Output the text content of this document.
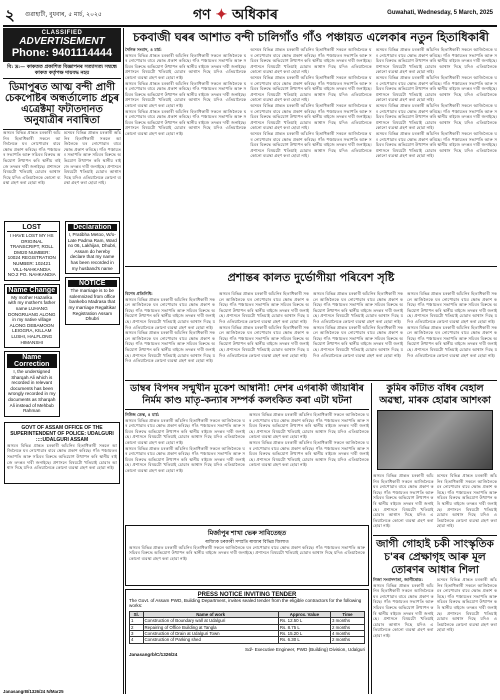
২ গুৱাহাটী, বুধবাৰ, ৫ মাৰ্চ, ২০২৫	গণ ✦ অধিকাৰ	Guwahati, Wednesday, 5 March, 2025
CLASSIFIED
ADVERTISEMENT
Phone: 9401114444
বি: দ্ৰ:— কাকতত প্ৰকাশিত বিজ্ঞাপনৰ সত্যাসত্য সম্বন্ধে কাকত কৰ্তৃপক্ষ দায়বদ্ধ নহয়
ডিমাপুৰত আত্ম বন্দী প্ৰাণী চেকপোষ্টৰ অন্ধৰ্তালোচ প্ৰচুৰ এত্ৰেক্টমা ফটাতদানত অনুযাত্ৰীৰ নবান্বিতা
অসমৰ বিভিন্ন প্ৰান্তত চৰকাৰী আঁচনিৰ হিতাধিকাৰী সকলে আজিলৈকে ঘৰ নোপোৱাৰ বাবে ক্ষোভ প্ৰকাশ কৰিছে। গাঁও পঞ্চায়তৰ সভাপতি আৰু সচিবৰ বিৰুদ্ধে অভিযোগ উত্থাপন কৰি স্থানীয় ৰাইজে তদন্তৰ দাবী জনাইছে। প্ৰশাসনে বিষয়টো খতিয়াই চোৱাৰ আশ্বাস দিছে যদিও এতিয়ালৈকে কোনো ব্যৱস্থা গ্ৰহণ কৰা হোৱা নাই।
LOST
I HAVE LOST MY HS ORIGINAL TRANSCRIPT, ROLL DMI20 NUMBER: 10024 REGISTRATION NUMBER: 102421 VILL-NAHKANDIA NO.2 PO. NAHKANDIA
Name Change
My mother Hazarika with my mother's father name LUHANG DONGRUANG ALONG in my native village ALONG DEBAMOON LEIGGRA, KILLAM LUSHI, HALFLONG HIMANSHI
Name Correction
I, the undersigned Sharqah Ali which is recorded in relevant documents has been wrongly recorded in my documents as Sharqah Ali instead of Mehbub Rahman
অসমৰ বিভিন্ন প্ৰান্তত চৰকাৰী আঁচনিৰ হিতাধিকাৰী সকলে আজিলৈকে ঘৰ নোপোৱাৰ বাবে ক্ষোভ প্ৰকাশ কৰিছে। গাঁও পঞ্চায়তৰ সভাপতি আৰু সচিবৰ বিৰুদ্ধে অভিযোগ উত্থাপন কৰি স্থানীয় ৰাইজে তদন্তৰ দাবী জনাইছে। প্ৰশাসনে বিষয়টো খতিয়াই চোৱাৰ আশ্বাস দিছে যদিও এতিয়ালৈকে কোনো ব্যৱস্থা গ্ৰহণ কৰা হোৱা নাই।
Declaration
I, Pratibha Metoo, W/o- Late Padma Ram, Ward no 06, Lakhijan, Dhubri, Assam do hereby declare that my name has been recorded in my husband's name
NOTICE
The marriage is to be solemnized from office bankebo Madrasa that my marriage Regaltikar Registration Assam Dhubri
GOVT OF ASSAM OFFICE OF THE SUPERINTENDENT OF POLICE: UDALGURI ::::UDALGURI ASSAM
অসমৰ বিভিন্ন প্ৰান্তত চৰকাৰী আঁচনিৰ হিতাধিকাৰী সকলে আজিলৈকে ঘৰ নোপোৱাৰ বাবে ক্ষোভ প্ৰকাশ কৰিছে। গাঁও পঞ্চায়তৰ সভাপতি আৰু সচিবৰ বিৰুদ্ধে অভিযোগ উত্থাপন কৰি স্থানীয় ৰাইজে তদন্তৰ দাবী জনাইছে। প্ৰশাসনে বিষয়টো খতিয়াই চোৱাৰ আশ্বাস দিছে যদিও এতিয়ালৈকে কোনো ব্যৱস্থা গ্ৰহণ কৰা হোৱা নাই।
JanasangrB/1326/24 N/Mar25
চকবাজী ঘৰৰ আশাত বন্দী চালিগাঁও গাঁও পঞ্চায়ত এলেকাৰ নতুন হিতাধিকাৰী
দৈনিক সংবাদ, ৪ মাৰ্চ:
অসমৰ বিভিন্ন প্ৰান্তত চৰকাৰী আঁচনিৰ হিতাধিকাৰী সকলে আজিলৈকে ঘৰ নোপোৱাৰ বাবে ক্ষোভ প্ৰকাশ কৰিছে। গাঁও পঞ্চায়তৰ সভাপতি আৰু সচিবৰ বিৰুদ্ধে অভিযোগ উত্থাপন কৰি স্থানীয় ৰাইজে তদন্তৰ দাবী জনাইছে। প্ৰশাসনে বিষয়টো খতিয়াই চোৱাৰ আশ্বাস দিছে যদিও এতিয়ালৈকে কোনো ব্যৱস্থা গ্ৰহণ কৰা হোৱা নাই।
অসমৰ বিভিন্ন প্ৰান্তত চৰকাৰী আঁচনিৰ হিতাধিকাৰী সকলে আজিলৈকে ঘৰ নোপোৱাৰ বাবে ক্ষোভ প্ৰকাশ কৰিছে। গাঁও পঞ্চায়তৰ সভাপতি আৰু সচিবৰ বিৰুদ্ধে অভিযোগ উত্থাপন কৰি স্থানীয় ৰাইজে তদন্তৰ দাবী জনাইছে। প্ৰশাসনে বিষয়টো খতিয়াই চোৱাৰ আশ্বাস দিছে যদিও এতিয়ালৈকে কোনো ব্যৱস্থা গ্ৰহণ কৰা হোৱা নাই।
অসমৰ বিভিন্ন প্ৰান্তত চৰকাৰী আঁচনিৰ হিতাধিকাৰী সকলে আজিলৈকে ঘৰ নোপোৱাৰ বাবে ক্ষোভ প্ৰকাশ কৰিছে। গাঁও পঞ্চায়তৰ সভাপতি আৰু সচিবৰ বিৰুদ্ধে অভিযোগ উত্থাপন কৰি স্থানীয় ৰাইজে তদন্তৰ দাবী জনাইছে। প্ৰশাসনে বিষয়টো খতিয়াই চোৱাৰ আশ্বাস দিছে যদিও এতিয়ালৈকে কোনো ব্যৱস্থা গ্ৰহণ কৰা হোৱা নাই।
অসমৰ বিভিন্ন প্ৰান্তত চৰকাৰী আঁচনিৰ হিতাধিকাৰী সকলে আজিলৈকে ঘৰ নোপোৱাৰ বাবে ক্ষোভ প্ৰকাশ কৰিছে। গাঁও পঞ্চায়তৰ সভাপতি আৰু সচিবৰ বিৰুদ্ধে অভিযোগ উত্থাপন কৰি স্থানীয় ৰাইজে তদন্তৰ দাবী জনাইছে। প্ৰশাসনে বিষয়টো খতিয়াই চোৱাৰ আশ্বাস দিছে যদিও এতিয়ালৈকে কোনো ব্যৱস্থা গ্ৰহণ কৰা হোৱা নাই।
অসমৰ বিভিন্ন প্ৰান্তত চৰকাৰী আঁচনিৰ হিতাধিকাৰী সকলে আজিলৈকে ঘৰ নোপোৱাৰ বাবে ক্ষোভ প্ৰকাশ কৰিছে। গাঁও পঞ্চায়তৰ সভাপতি আৰু সচিবৰ বিৰুদ্ধে অভিযোগ উত্থাপন কৰি স্থানীয় ৰাইজে তদন্তৰ দাবী জনাইছে। প্ৰশাসনে বিষয়টো খতিয়াই চোৱাৰ আশ্বাস দিছে যদিও এতিয়ালৈকে কোনো ব্যৱস্থা গ্ৰহণ কৰা হোৱা নাই।
অসমৰ বিভিন্ন প্ৰান্তত চৰকাৰী আঁচনিৰ হিতাধিকাৰী সকলে আজিলৈকে ঘৰ নোপোৱাৰ বাবে ক্ষোভ প্ৰকাশ কৰিছে। গাঁও পঞ্চায়তৰ সভাপতি আৰু সচিবৰ বিৰুদ্ধে অভিযোগ উত্থাপন কৰি স্থানীয় ৰাইজে তদন্তৰ দাবী জনাইছে। প্ৰশাসনে বিষয়টো খতিয়াই চোৱাৰ আশ্বাস দিছে যদিও এতিয়ালৈকে কোনো ব্যৱস্থা গ্ৰহণ কৰা হোৱা নাই।
অসমৰ বিভিন্ন প্ৰান্তত চৰকাৰী আঁচনিৰ হিতাধিকাৰী সকলে আজিলৈকে ঘৰ নোপোৱাৰ বাবে ক্ষোভ প্ৰকাশ কৰিছে। গাঁও পঞ্চায়তৰ সভাপতি আৰু সচিবৰ বিৰুদ্ধে অভিযোগ উত্থাপন কৰি স্থানীয় ৰাইজে তদন্তৰ দাবী জনাইছে। প্ৰশাসনে বিষয়টো খতিয়াই চোৱাৰ আশ্বাস দিছে যদিও এতিয়ালৈকে কোনো ব্যৱস্থা গ্ৰহণ কৰা হোৱা নাই।
অসমৰ বিভিন্ন প্ৰান্তত চৰকাৰী আঁচনিৰ হিতাধিকাৰী সকলে আজিলৈকে ঘৰ নোপোৱাৰ বাবে ক্ষোভ প্ৰকাশ কৰিছে। গাঁও পঞ্চায়তৰ সভাপতি আৰু সচিবৰ বিৰুদ্ধে অভিযোগ উত্থাপন কৰি স্থানীয় ৰাইজে তদন্তৰ দাবী জনাইছে। প্ৰশাসনে বিষয়টো খতিয়াই চোৱাৰ আশ্বাস দিছে যদিও এতিয়ালৈকে কোনো ব্যৱস্থা গ্ৰহণ কৰা হোৱা নাই।
অসমৰ বিভিন্ন প্ৰান্তত চৰকাৰী আঁচনিৰ হিতাধিকাৰী সকলে আজিলৈকে ঘৰ নোপোৱাৰ বাবে ক্ষোভ প্ৰকাশ কৰিছে। গাঁও পঞ্চায়তৰ সভাপতি আৰু সচিবৰ বিৰুদ্ধে অভিযোগ উত্থাপন কৰি স্থানীয় ৰাইজে তদন্তৰ দাবী জনাইছে। প্ৰশাসনে বিষয়টো খতিয়াই চোৱাৰ আশ্বাস দিছে যদিও এতিয়ালৈকে কোনো ব্যৱস্থা গ্ৰহণ কৰা হোৱা নাই।
অসমৰ বিভিন্ন প্ৰান্তত চৰকাৰী আঁচনিৰ হিতাধিকাৰী সকলে আজিলৈকে ঘৰ নোপোৱাৰ বাবে ক্ষোভ প্ৰকাশ কৰিছে। গাঁও পঞ্চায়তৰ সভাপতি আৰু সচিবৰ বিৰুদ্ধে অভিযোগ উত্থাপন কৰি স্থানীয় ৰাইজে তদন্তৰ দাবী জনাইছে। প্ৰশাসনে বিষয়টো খতিয়াই চোৱাৰ আশ্বাস দিছে যদিও এতিয়ালৈকে কোনো ব্যৱস্থা গ্ৰহণ কৰা হোৱা নাই।
অসমৰ বিভিন্ন প্ৰান্তত চৰকাৰী আঁচনিৰ হিতাধিকাৰী সকলে আজিলৈকে ঘৰ নোপোৱাৰ বাবে ক্ষোভ প্ৰকাশ কৰিছে। গাঁও পঞ্চায়তৰ সভাপতি আৰু সচিবৰ বিৰুদ্ধে অভিযোগ উত্থাপন কৰি স্থানীয় ৰাইজে তদন্তৰ দাবী জনাইছে। প্ৰশাসনে বিষয়টো খতিয়াই চোৱাৰ আশ্বাস দিছে যদিও এতিয়ালৈকে কোনো ব্যৱস্থা গ্ৰহণ কৰা হোৱা নাই।
প্ৰশান্তৰ কালত দুৰ্ভোগীয়া পৰিবেশ সৃষ্টি
বিশেষ প্ৰতিনিধি:
অসমৰ বিভিন্ন প্ৰান্তত চৰকাৰী আঁচনিৰ হিতাধিকাৰী সকলে আজিলৈকে ঘৰ নোপোৱাৰ বাবে ক্ষোভ প্ৰকাশ কৰিছে। গাঁও পঞ্চায়তৰ সভাপতি আৰু সচিবৰ বিৰুদ্ধে অভিযোগ উত্থাপন কৰি স্থানীয় ৰাইজে তদন্তৰ দাবী জনাইছে। প্ৰশাসনে বিষয়টো খতিয়াই চোৱাৰ আশ্বাস দিছে যদিও এতিয়ালৈকে কোনো ব্যৱস্থা গ্ৰহণ কৰা হোৱা নাই।
অসমৰ বিভিন্ন প্ৰান্তত চৰকাৰী আঁচনিৰ হিতাধিকাৰী সকলে আজিলৈকে ঘৰ নোপোৱাৰ বাবে ক্ষোভ প্ৰকাশ কৰিছে। গাঁও পঞ্চায়তৰ সভাপতি আৰু সচিবৰ বিৰুদ্ধে অভিযোগ উত্থাপন কৰি স্থানীয় ৰাইজে তদন্তৰ দাবী জনাইছে। প্ৰশাসনে বিষয়টো খতিয়াই চোৱাৰ আশ্বাস দিছে যদিও এতিয়ালৈকে কোনো ব্যৱস্থা গ্ৰহণ কৰা হোৱা নাই।
অসমৰ বিভিন্ন প্ৰান্তত চৰকাৰী আঁচনিৰ হিতাধিকাৰী সকলে আজিলৈকে ঘৰ নোপোৱাৰ বাবে ক্ষোভ প্ৰকাশ কৰিছে। গাঁও পঞ্চায়তৰ সভাপতি আৰু সচিবৰ বিৰুদ্ধে অভিযোগ উত্থাপন কৰি স্থানীয় ৰাইজে তদন্তৰ দাবী জনাইছে। প্ৰশাসনে বিষয়টো খতিয়াই চোৱাৰ আশ্বাস দিছে যদিও এতিয়ালৈকে কোনো ব্যৱস্থা গ্ৰহণ কৰা হোৱা নাই।
অসমৰ বিভিন্ন প্ৰান্তত চৰকাৰী আঁচনিৰ হিতাধিকাৰী সকলে আজিলৈকে ঘৰ নোপোৱাৰ বাবে ক্ষোভ প্ৰকাশ কৰিছে। গাঁও পঞ্চায়তৰ সভাপতি আৰু সচিবৰ বিৰুদ্ধে অভিযোগ উত্থাপন কৰি স্থানীয় ৰাইজে তদন্তৰ দাবী জনাইছে। প্ৰশাসনে বিষয়টো খতিয়াই চোৱাৰ আশ্বাস দিছে যদিও এতিয়ালৈকে কোনো ব্যৱস্থা গ্ৰহণ কৰা হোৱা নাই।
অসমৰ বিভিন্ন প্ৰান্তত চৰকাৰী আঁচনিৰ হিতাধিকাৰী সকলে আজিলৈকে ঘৰ নোপোৱাৰ বাবে ক্ষোভ প্ৰকাশ কৰিছে। গাঁও পঞ্চায়তৰ সভাপতি আৰু সচিবৰ বিৰুদ্ধে অভিযোগ উত্থাপন কৰি স্থানীয় ৰাইজে তদন্তৰ দাবী জনাইছে। প্ৰশাসনে বিষয়টো খতিয়াই চোৱাৰ আশ্বাস দিছে যদিও এতিয়ালৈকে কোনো ব্যৱস্থা গ্ৰহণ কৰা হোৱা নাই।
অসমৰ বিভিন্ন প্ৰান্তত চৰকাৰী আঁচনিৰ হিতাধিকাৰী সকলে আজিলৈকে ঘৰ নোপোৱাৰ বাবে ক্ষোভ প্ৰকাশ কৰিছে। গাঁও পঞ্চায়তৰ সভাপতি আৰু সচিবৰ বিৰুদ্ধে অভিযোগ উত্থাপন কৰি স্থানীয় ৰাইজে তদন্তৰ দাবী জনাইছে। প্ৰশাসনে বিষয়টো খতিয়াই চোৱাৰ আশ্বাস দিছে যদিও এতিয়ালৈকে কোনো ব্যৱস্থা গ্ৰহণ কৰা হোৱা নাই।
অসমৰ বিভিন্ন প্ৰান্তত চৰকাৰী আঁচনিৰ হিতাধিকাৰী সকলে আজিলৈকে ঘৰ নোপোৱাৰ বাবে ক্ষোভ প্ৰকাশ কৰিছে। গাঁও পঞ্চায়তৰ সভাপতি আৰু সচিবৰ বিৰুদ্ধে অভিযোগ উত্থাপন কৰি স্থানীয় ৰাইজে তদন্তৰ দাবী জনাইছে। প্ৰশাসনে বিষয়টো খতিয়াই চোৱাৰ আশ্বাস দিছে যদিও এতিয়ালৈকে কোনো ব্যৱস্থা গ্ৰহণ কৰা হোৱা নাই।
অসমৰ বিভিন্ন প্ৰান্তত চৰকাৰী আঁচনিৰ হিতাধিকাৰী সকলে আজিলৈকে ঘৰ নোপোৱাৰ বাবে ক্ষোভ প্ৰকাশ কৰিছে। গাঁও পঞ্চায়তৰ সভাপতি আৰু সচিবৰ বিৰুদ্ধে অভিযোগ উত্থাপন কৰি স্থানীয় ৰাইজে তদন্তৰ দাবী জনাইছে। প্ৰশাসনে বিষয়টো খতিয়াই চোৱাৰ আশ্বাস দিছে যদিও এতিয়ালৈকে কোনো ব্যৱস্থা গ্ৰহণ কৰা হোৱা নাই।
ডাম্বৰ বিপদৰ সন্মুখীন মুকেশ আম্বানী! দেশৰ এগৰাকী জীয়াৰীৰ নিৰ্মম কাণ্ড মাতৃ-কন্যাৰ সম্পৰ্ক কলংকিত কৰা এটা ঘটনা
নিউজ ডেস্ক, ৪ মাৰ্চ:
অসমৰ বিভিন্ন প্ৰান্তত চৰকাৰী আঁচনিৰ হিতাধিকাৰী সকলে আজিলৈকে ঘৰ নোপোৱাৰ বাবে ক্ষোভ প্ৰকাশ কৰিছে। গাঁও পঞ্চায়তৰ সভাপতি আৰু সচিবৰ বিৰুদ্ধে অভিযোগ উত্থাপন কৰি স্থানীয় ৰাইজে তদন্তৰ দাবী জনাইছে। প্ৰশাসনে বিষয়টো খতিয়াই চোৱাৰ আশ্বাস দিছে যদিও এতিয়ালৈকে কোনো ব্যৱস্থা গ্ৰহণ কৰা হোৱা নাই।
অসমৰ বিভিন্ন প্ৰান্তত চৰকাৰী আঁচনিৰ হিতাধিকাৰী সকলে আজিলৈকে ঘৰ নোপোৱাৰ বাবে ক্ষোভ প্ৰকাশ কৰিছে। গাঁও পঞ্চায়তৰ সভাপতি আৰু সচিবৰ বিৰুদ্ধে অভিযোগ উত্থাপন কৰি স্থানীয় ৰাইজে তদন্তৰ দাবী জনাইছে। প্ৰশাসনে বিষয়টো খতিয়াই চোৱাৰ আশ্বাস দিছে যদিও এতিয়ালৈকে কোনো ব্যৱস্থা গ্ৰহণ কৰা হোৱা নাই।
অসমৰ বিভিন্ন প্ৰান্তত চৰকাৰী আঁচনিৰ হিতাধিকাৰী সকলে আজিলৈকে ঘৰ নোপোৱাৰ বাবে ক্ষোভ প্ৰকাশ কৰিছে। গাঁও পঞ্চায়তৰ সভাপতি আৰু সচিবৰ বিৰুদ্ধে অভিযোগ উত্থাপন কৰি স্থানীয় ৰাইজে তদন্তৰ দাবী জনাইছে। প্ৰশাসনে বিষয়টো খতিয়াই চোৱাৰ আশ্বাস দিছে যদিও এতিয়ালৈকে কোনো ব্যৱস্থা গ্ৰহণ কৰা হোৱা নাই।
অসমৰ বিভিন্ন প্ৰান্তত চৰকাৰী আঁচনিৰ হিতাধিকাৰী সকলে আজিলৈকে ঘৰ নোপোৱাৰ বাবে ক্ষোভ প্ৰকাশ কৰিছে। গাঁও পঞ্চায়তৰ সভাপতি আৰু সচিবৰ বিৰুদ্ধে অভিযোগ উত্থাপন কৰি স্থানীয় ৰাইজে তদন্তৰ দাবী জনাইছে। প্ৰশাসনে বিষয়টো খতিয়াই চোৱাৰ আশ্বাস দিছে যদিও এতিয়ালৈকে কোনো ব্যৱস্থা গ্ৰহণ কৰা হোৱা নাই।
মিৰ্জাপুৰ শাখা ভেৰু সাবিতেহত
ৰাজ্যিক চৰকাৰী সম্প্ৰতি ৰাজ্যৰ বিভিন্ন জিলাত
অসমৰ বিভিন্ন প্ৰান্তত চৰকাৰী আঁচনিৰ হিতাধিকাৰী সকলে আজিলৈকে ঘৰ নোপোৱাৰ বাবে ক্ষোভ প্ৰকাশ কৰিছে। গাঁও পঞ্চায়তৰ সভাপতি আৰু সচিবৰ বিৰুদ্ধে অভিযোগ উত্থাপন কৰি স্থানীয় ৰাইজে তদন্তৰ দাবী জনাইছে। প্ৰশাসনে বিষয়টো খতিয়াই চোৱাৰ আশ্বাস দিছে যদিও এতিয়ালৈকে কোনো ব্যৱস্থা গ্ৰহণ কৰা হোৱা নাই।
PRESS NOTICE INVITING TENDER
The Govt. of Assam PWD, Building Department, invites sealed tender from the eligible contractors for the following works:
Sl.	Name of work	Approx. Value	Time
1	Construction of Boundary wall at Udalguri	Rs. 12.50 L	3 months
2	Repairing of Office Building at Tangla	Rs. 8.75 L	2 months
3	Construction of Drain at Udalguri Town	Rs. 15.20 L	4 months
4	Construction of Parking shed	Rs. 6.30 L	2 months
Sd/- Executive Engineer, PWD (Building) Division, Udalguri
Janasangrb/C/1326/24
কুমিৰ কাঁটাত বাঁধৰ বেহাল অৱস্থা, মাৰক হোৱাৰ আশংকা
অসমৰ বিভিন্ন প্ৰান্তত চৰকাৰী আঁচনিৰ হিতাধিকাৰী সকলে আজিলৈকে ঘৰ নোপোৱাৰ বাবে ক্ষোভ প্ৰকাশ কৰিছে। গাঁও পঞ্চায়তৰ সভাপতি আৰু সচিবৰ বিৰুদ্ধে অভিযোগ উত্থাপন কৰি স্থানীয় ৰাইজে তদন্তৰ দাবী জনাইছে। প্ৰশাসনে বিষয়টো খতিয়াই চোৱাৰ আশ্বাস দিছে যদিও এতিয়ালৈকে কোনো ব্যৱস্থা গ্ৰহণ কৰা হোৱা নাই।
অসমৰ বিভিন্ন প্ৰান্তত চৰকাৰী আঁচনিৰ হিতাধিকাৰী সকলে আজিলৈকে ঘৰ নোপোৱাৰ বাবে ক্ষোভ প্ৰকাশ কৰিছে। গাঁও পঞ্চায়তৰ সভাপতি আৰু সচিবৰ বিৰুদ্ধে অভিযোগ উত্থাপন কৰি স্থানীয় ৰাইজে তদন্তৰ দাবী জনাইছে। প্ৰশাসনে বিষয়টো খতিয়াই চোৱাৰ আশ্বাস দিছে যদিও এতিয়ালৈকে কোনো ব্যৱস্থা গ্ৰহণ কৰা হোৱা নাই।
জাগী গোহাই চকী সাংস্কৃতিক চ'ৰৰ প্ৰেক্ষাগৃহ আৰু মূল তোৰণৰ আধাৰ শিলা
নিজা সংবাদদাতা, জাগীৰোড:
অসমৰ বিভিন্ন প্ৰান্তত চৰকাৰী আঁচনিৰ হিতাধিকাৰী সকলে আজিলৈকে ঘৰ নোপোৱাৰ বাবে ক্ষোভ প্ৰকাশ কৰিছে। গাঁও পঞ্চায়তৰ সভাপতি আৰু সচিবৰ বিৰুদ্ধে অভিযোগ উত্থাপন কৰি স্থানীয় ৰাইজে তদন্তৰ দাবী জনাইছে। প্ৰশাসনে বিষয়টো খতিয়াই চোৱাৰ আশ্বাস দিছে যদিও এতিয়ালৈকে কোনো ব্যৱস্থা গ্ৰহণ কৰা হোৱা নাই।
অসমৰ বিভিন্ন প্ৰান্তত চৰকাৰী আঁচনিৰ হিতাধিকাৰী সকলে আজিলৈকে ঘৰ নোপোৱাৰ বাবে ক্ষোভ প্ৰকাশ কৰিছে। গাঁও পঞ্চায়তৰ সভাপতি আৰু সচিবৰ বিৰুদ্ধে অভিযোগ উত্থাপন কৰি স্থানীয় ৰাইজে তদন্তৰ দাবী জনাইছে। প্ৰশাসনে বিষয়টো খতিয়াই চোৱাৰ আশ্বাস দিছে যদিও এতিয়ালৈকে কোনো ব্যৱস্থা গ্ৰহণ কৰা হোৱা নাই।
